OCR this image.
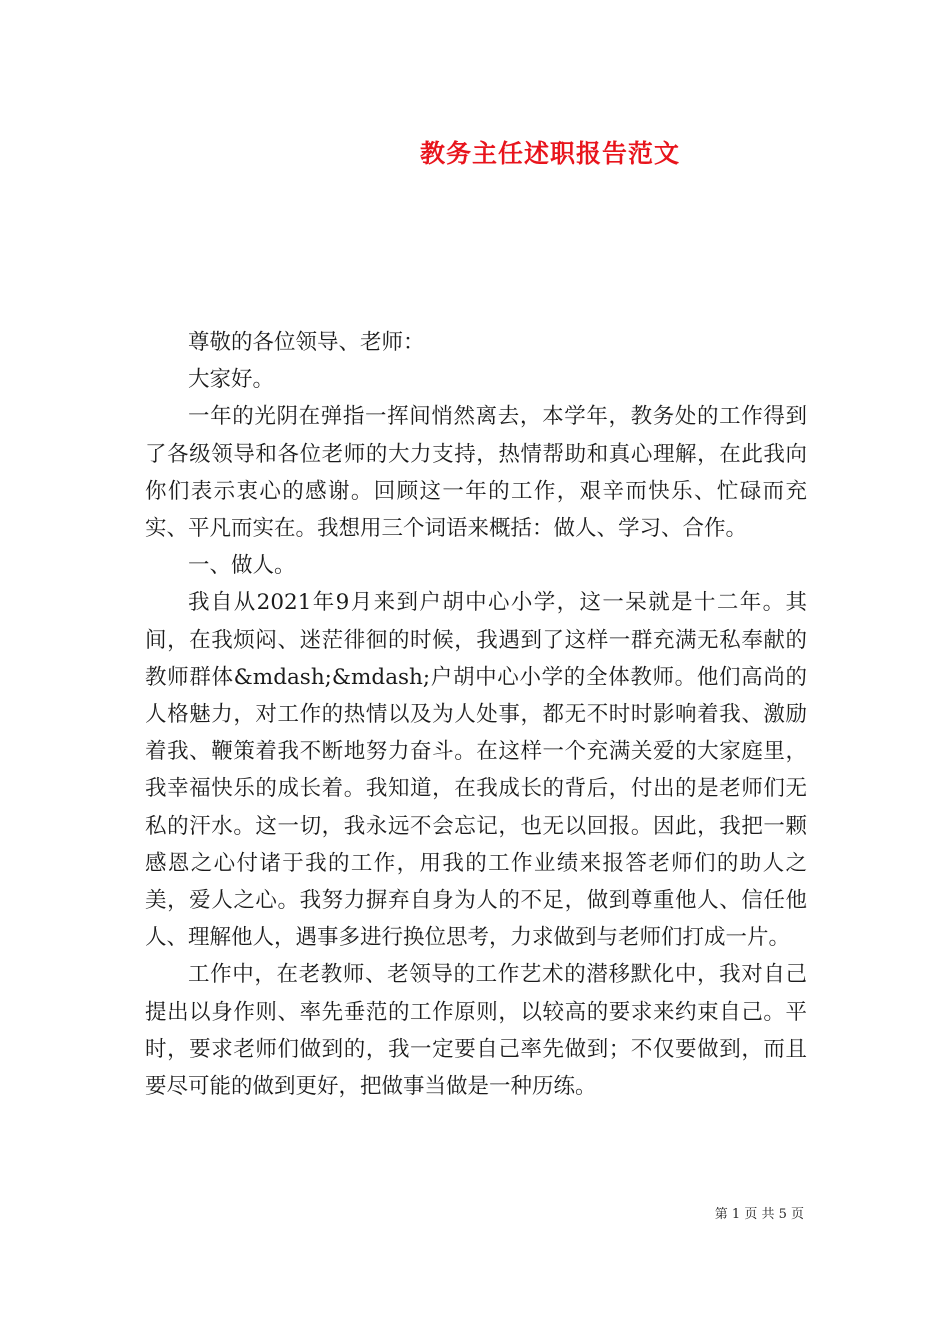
教务主任述职报告范文

尊敬的各位领导、老师：

大家好。

一年的光阴在弹指一挥间悄然离去，本学年，教务处的工作得到了各级领导和各位老师的大力支持，热情帮助和真心理解，在此我向你们表示衷心的感谢。回顾这一年的工作，艰辛而快乐、忙碌而充实、平凡而实在。我想用三个词语来概括：做人、学习、合作。

一、做人。

我自从2021年9月来到户胡中心小学，这一呆就是十二年。其间，在我烦闷、迷茫徘徊的时候，我遇到了这样一群充满无私奉献的教师群体&mdash;&mdash;户胡中心小学的全体教师。他们高尚的人格魅力，对工作的热情以及为人处事，都无不时时影响着我、激励着我、鞭策着我不断地努力奋斗。在这样一个充满关爱的大家庭里，我幸福快乐的成长着。我知道，在我成长的背后，付出的是老师们无私的汗水。这一切，我永远不会忘记，也无以回报。因此，我把一颗感恩之心付诸于我的工作，用我的工作业绩来报答老师们的助人之美，爱人之心。我努力摒弃自身为人的不足，做到尊重他人、信任他人、理解他人，遇事多进行换位思考，力求做到与老师们打成一片。

工作中，在老教师、老领导的工作艺术的潜移默化中，我对自己提出以身作则、率先垂范的工作原则，以较高的要求来约束自己。平时，要求老师们做到的，我一定要自己率先做到；不仅要做到，而且要尽可能的做到更好，把做事当做是一种历练。

第 1 页 共 5 页
